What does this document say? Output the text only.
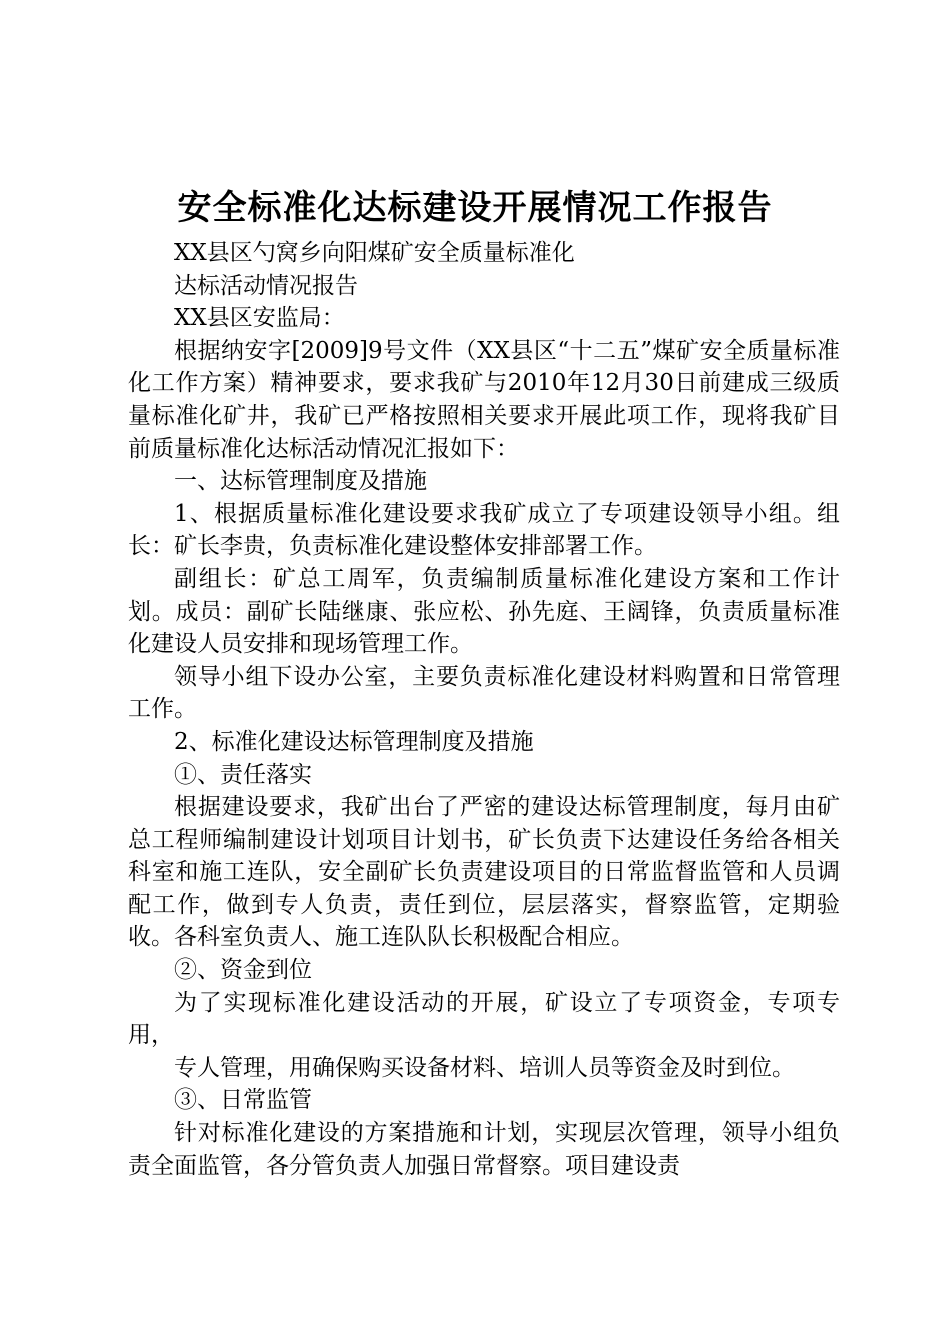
安全标准化达标建设开展情况工作报告

XX县区勺窝乡向阳煤矿安全质量标准化

达标活动情况报告

XX县区安监局：

根据纳安字[2009]9号文件（XX县区“十二五”煤矿安全质量标准化工作方案）精神要求，要求我矿与2010年12月30日前建成三级质量标准化矿井，我矿已严格按照相关要求开展此项工作，现将我矿目前质量标准化达标活动情况汇报如下：

一、达标管理制度及措施

1、根据质量标准化建设要求我矿成立了专项建设领导小组。组长：矿长李贵，负责标准化建设整体安排部署工作。

副组长：矿总工周军，负责编制质量标准化建设方案和工作计划。成员：副矿长陆继康、张应松、孙先庭、王阔锋，负责质量标准化建设人员安排和现场管理工作。

领导小组下设办公室，主要负责标准化建设材料购置和日常管理工作。

2、标准化建设达标管理制度及措施

①、责任落实

根据建设要求，我矿出台了严密的建设达标管理制度，每月由矿总工程师编制建设计划项目计划书，矿长负责下达建设任务给各相关科室和施工连队，安全副矿长负责建设项目的日常监督监管和人员调配工作，做到专人负责，责任到位，层层落实，督察监管，定期验收。各科室负责人、施工连队队长积极配合相应。

②、资金到位

为了实现标准化建设活动的开展，矿设立了专项资金，专项专用，

专人管理，用确保购买设备材料、培训人员等资金及时到位。

③、日常监管

针对标准化建设的方案措施和计划，实现层次管理，领导小组负责全面监管，各分管负责人加强日常督察。项目建设责
